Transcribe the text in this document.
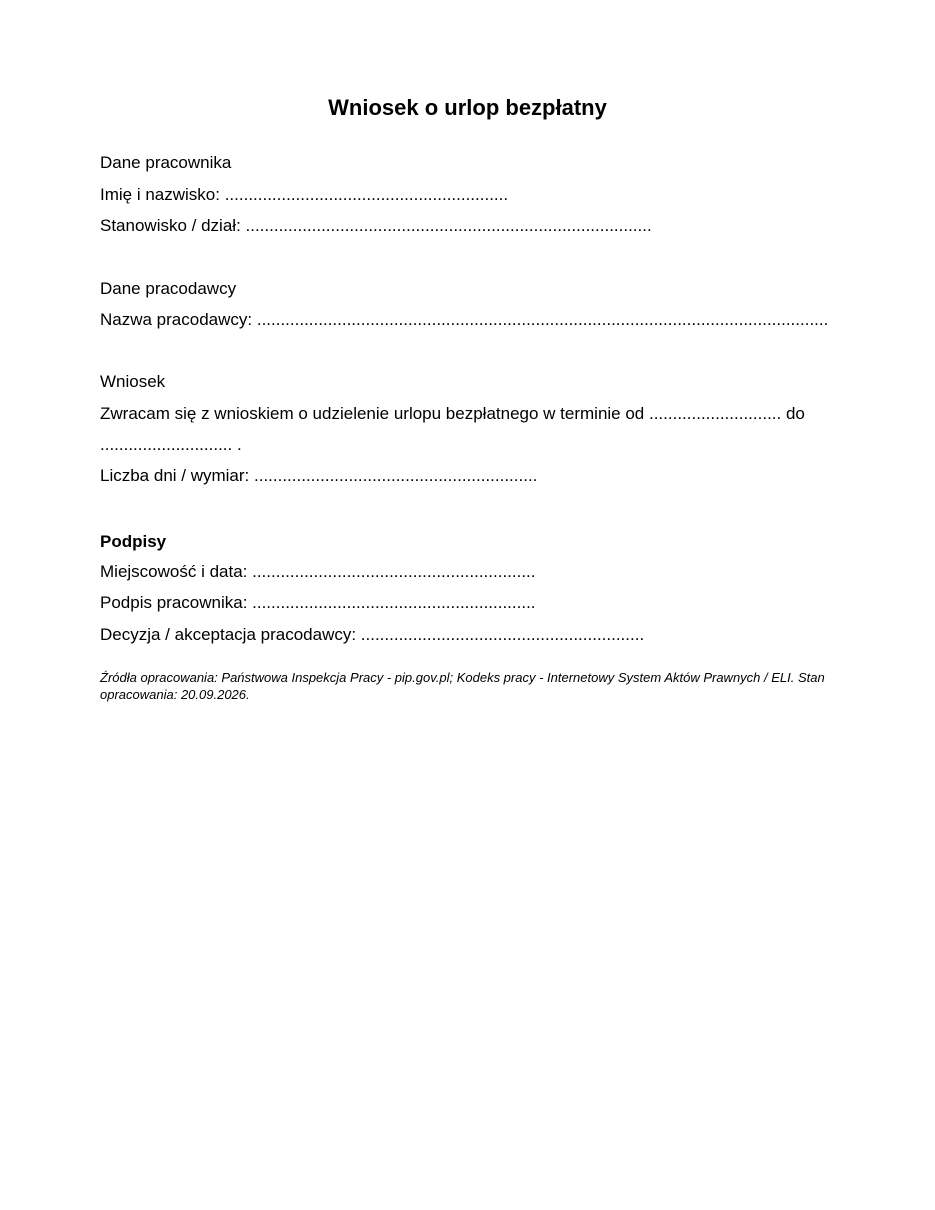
Wniosek o urlop bezpłatny
Dane pracownika
Imię i nazwisko: ............................................................
Stanowisko / dział: ......................................................................................
Dane pracodawcy
Nazwa pracodawcy: .........................................................................................................................
Wniosek
Zwracam się z wnioskiem o udzielenie urlopu bezpłatnego w terminie od ............................ do ............................ .
Liczba dni / wymiar: ............................................................
Podpisy
Miejscowość i data: ............................................................
Podpis pracownika: ............................................................
Decyzja / akceptacja pracodawcy: ............................................................
Źródła opracowania: Państwowa Inspekcja Pracy - pip.gov.pl; Kodeks pracy - Internetowy System Aktów Prawnych / ELI. Stan opracowania: 20.09.2026.
